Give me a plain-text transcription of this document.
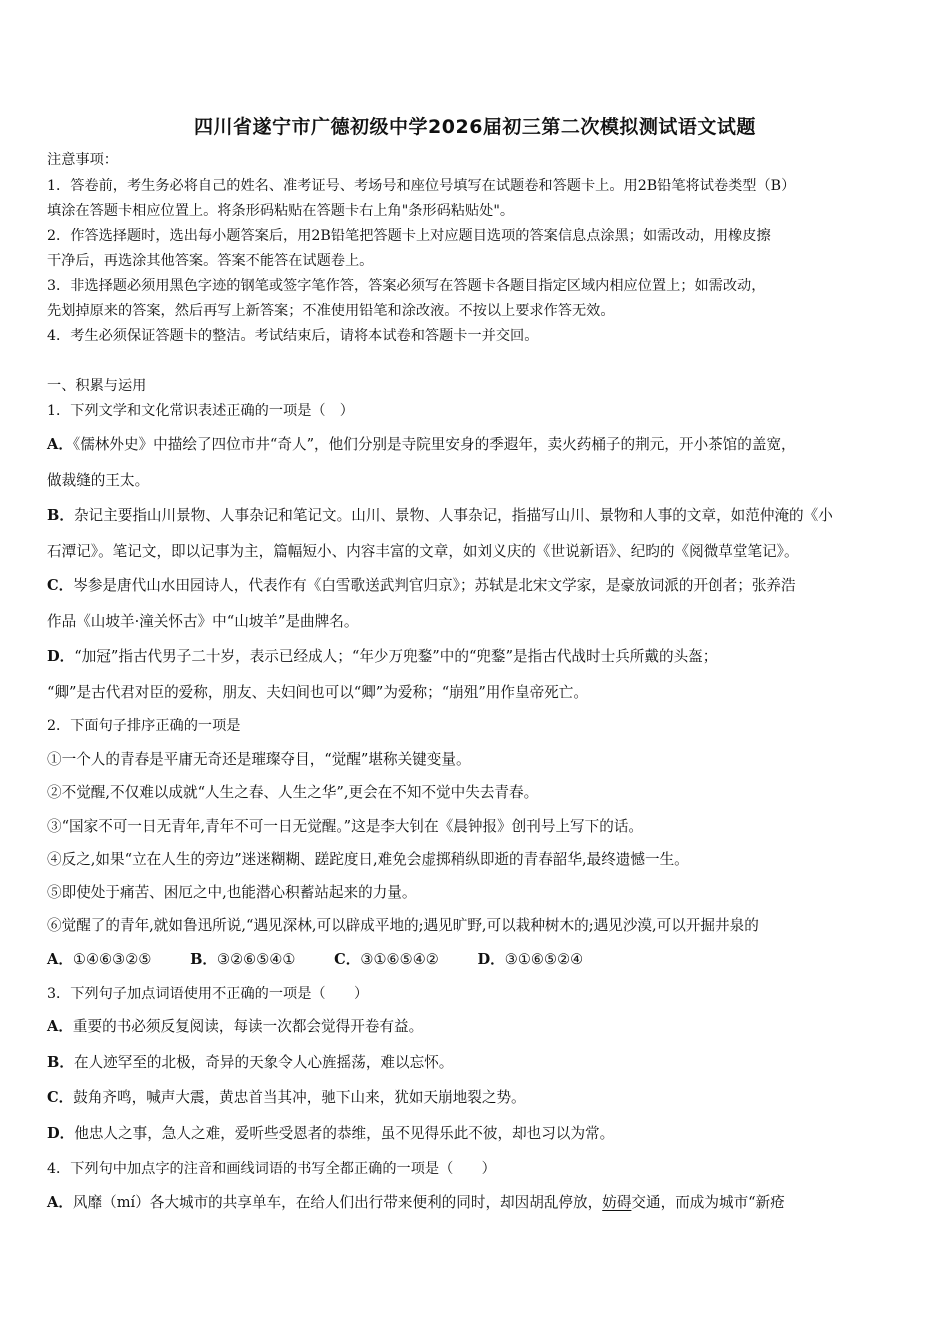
四川省遂宁市广德初级中学2026届初三第二次模拟测试语文试题
注意事项：
1．答卷前，考生务必将自己的姓名、准考证号、考场号和座位号填写在试题卷和答题卡上。用2B铅笔将试卷类型（B）
填涂在答题卡相应位置上。将条形码粘贴在答题卡右上角"条形码粘贴处"。
2．作答选择题时，选出每小题答案后，用2B铅笔把答题卡上对应题目选项的答案信息点涂黑；如需改动，用橡皮擦
干净后，再选涂其他答案。答案不能答在试题卷上。
3．非选择题必须用黑色字迹的钢笔或签字笔作答，答案必须写在答题卡各题目指定区域内相应位置上；如需改动，
先划掉原来的答案，然后再写上新答案；不准使用铅笔和涂改液。不按以上要求作答无效。
4．考生必须保证答题卡的整洁。考试结束后，请将本试卷和答题卡一并交回。
一、积累与运用
1．下列文学和文化常识表述正确的一项是（　）
A．《儒林外史》中描绘了四位市井“奇人”，他们分别是寺院里安身的季遐年，卖火药桶子的荆元，开小茶馆的盖宽，
做裁缝的王太。
B．杂记主要指山川景物、人事杂记和笔记文。山川、景物、人事杂记，指描写山川、景物和人事的文章，如范仲淹的《小
石潭记》。笔记文，即以记事为主，篇幅短小、内容丰富的文章，如刘义庆的《世说新语》、纪昀的《阅微草堂笔记》。
C．岑参是唐代山水田园诗人，代表作有《白雪歌送武判官归京》；苏轼是北宋文学家，是豪放词派的开创者；张养浩
作品《山坡羊·潼关怀古》中“山坡羊”是曲牌名。
D．“加冠”指古代男子二十岁，表示已经成人；“年少万兜鍪”中的“兜鍪”是指古代战时士兵所戴的头盔；
“卿”是古代君对臣的爱称，朋友、夫妇间也可以“卿”为爱称；“崩殂”用作皇帝死亡。
2．下面句子排序正确的一项是
①一个人的青春是平庸无奇还是璀璨夺目，“觉醒”堪称关键变量。
②不觉醒,不仅难以成就“人生之春、人生之华”,更会在不知不觉中失去青春。
③“国家不可一日无青年,青年不可一日无觉醒。”这是李大钊在《晨钟报》创刊号上写下的话。
④反之,如果“立在人生的旁边”迷迷糊糊、蹉跎度日,难免会虚掷稍纵即逝的青春韶华,最终遗憾一生。
⑤即使处于痛苦、困厄之中,也能潜心积蓄站起来的力量。
⑥觉醒了的青年,就如鲁迅所说,“遇见深林,可以辟成平地的;遇见旷野,可以栽种树木的;遇见沙漠,可以开掘井泉的
A．①④⑥③②⑤	B．③②⑥⑤④①	C．③①⑥⑤④②	D．③①⑥⑤②④
3．下列句子加点词语使用不正确的一项是（　　）
A．重要的书必须反复阅读，每读一次都会觉得开卷有益。
B．在人迹罕至的北极，奇异的天象令人心旌摇荡，难以忘怀。
C．鼓角齐鸣，喊声大震，黄忠首当其冲，驰下山来，犹如天崩地裂之势。
D．他忠人之事，急人之难，爱听些受恩者的恭维，虽不见得乐此不彼，却也习以为常。
4．下列句中加点字的注音和画线词语的书写全都正确的一项是（　　）
A．风靡（mí）各大城市的共享单车，在给人们出行带来便利的同时，却因胡乱停放，妨碍交通，而成为城市“新疮
